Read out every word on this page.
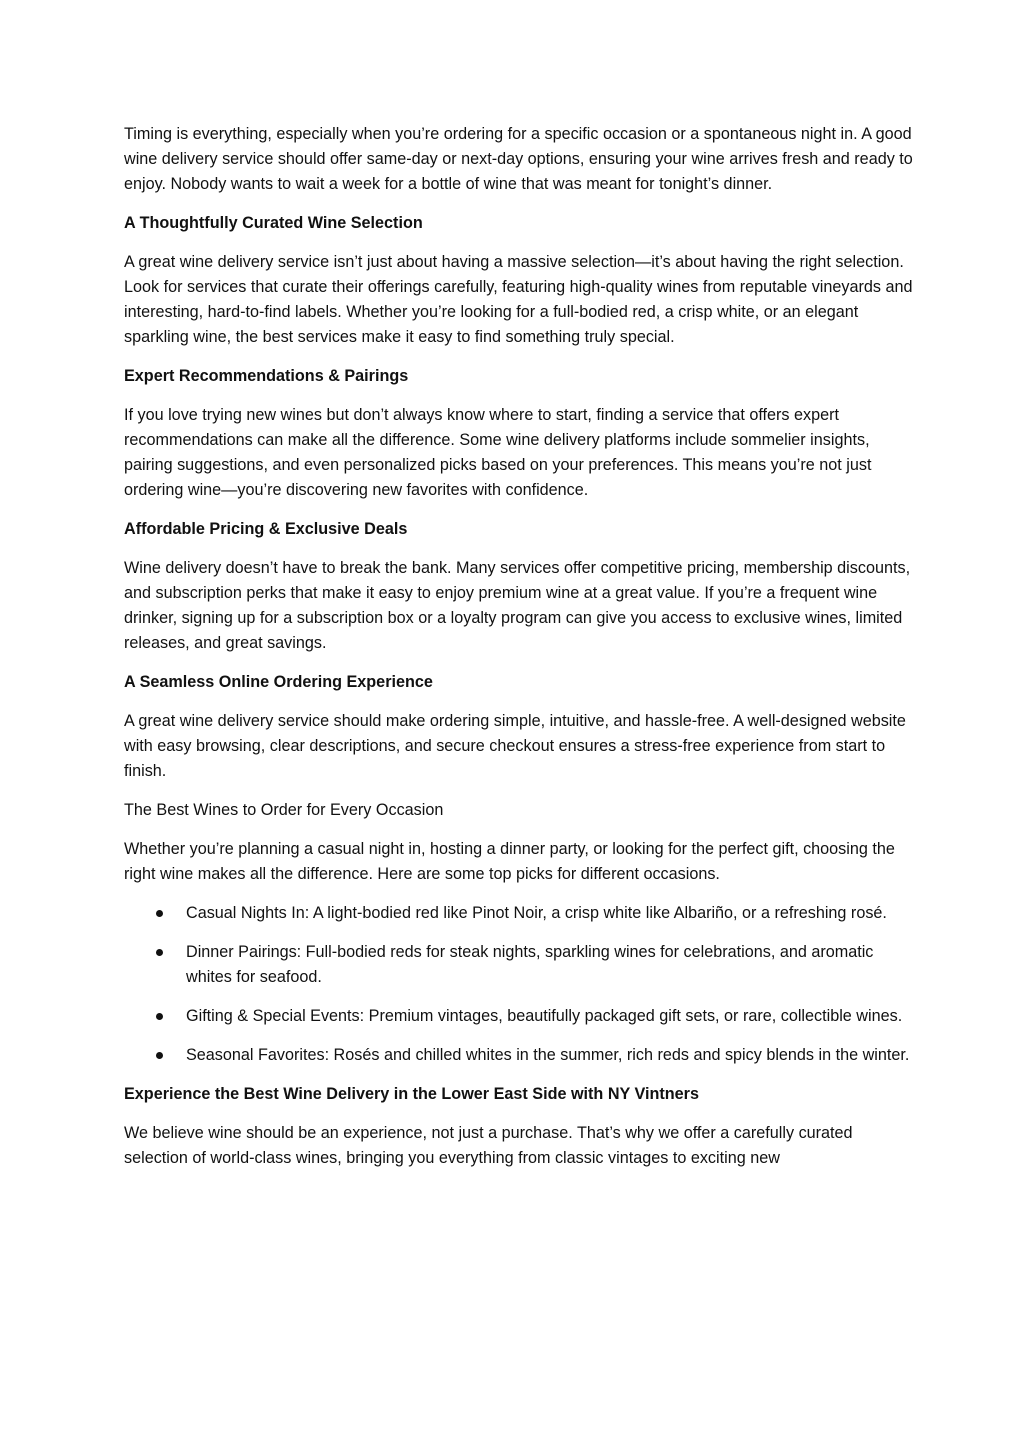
Timing is everything, especially when you’re ordering for a specific occasion or a spontaneous night in. A good wine delivery service should offer same-day or next-day options, ensuring your wine arrives fresh and ready to enjoy. Nobody wants to wait a week for a bottle of wine that was meant for tonight’s dinner.

A Thoughtfully Curated Wine Selection

A great wine delivery service isn’t just about having a massive selection—it’s about having the right selection. Look for services that curate their offerings carefully, featuring high-quality wines from reputable vineyards and interesting, hard-to-find labels. Whether you’re looking for a full-bodied red, a crisp white, or an elegant sparkling wine, the best services make it easy to find something truly special.

Expert Recommendations & Pairings

If you love trying new wines but don’t always know where to start, finding a service that offers expert recommendations can make all the difference. Some wine delivery platforms include sommelier insights, pairing suggestions, and even personalized picks based on your preferences. This means you’re not just ordering wine—you’re discovering new favorites with confidence.

Affordable Pricing & Exclusive Deals

Wine delivery doesn’t have to break the bank. Many services offer competitive pricing, membership discounts, and subscription perks that make it easy to enjoy premium wine at a great value. If you’re a frequent wine drinker, signing up for a subscription box or a loyalty program can give you access to exclusive wines, limited releases, and great savings.

A Seamless Online Ordering Experience

A great wine delivery service should make ordering simple, intuitive, and hassle-free. A well-designed website with easy browsing, clear descriptions, and secure checkout ensures a stress-free experience from start to finish.

The Best Wines to Order for Every Occasion

Whether you’re planning a casual night in, hosting a dinner party, or looking for the perfect gift, choosing the right wine makes all the difference. Here are some top picks for different occasions.

Casual Nights In: A light-bodied red like Pinot Noir, a crisp white like Albariño, or a refreshing rosé.
Dinner Pairings: Full-bodied reds for steak nights, sparkling wines for celebrations, and aromatic whites for seafood.
Gifting & Special Events: Premium vintages, beautifully packaged gift sets, or rare, collectible wines.
Seasonal Favorites: Rosés and chilled whites in the summer, rich reds and spicy blends in the winter.
Experience the Best Wine Delivery in the Lower East Side with NY Vintners

We believe wine should be an experience, not just a purchase. That’s why we offer a carefully curated selection of world-class wines, bringing you everything from classic vintages to exciting new
